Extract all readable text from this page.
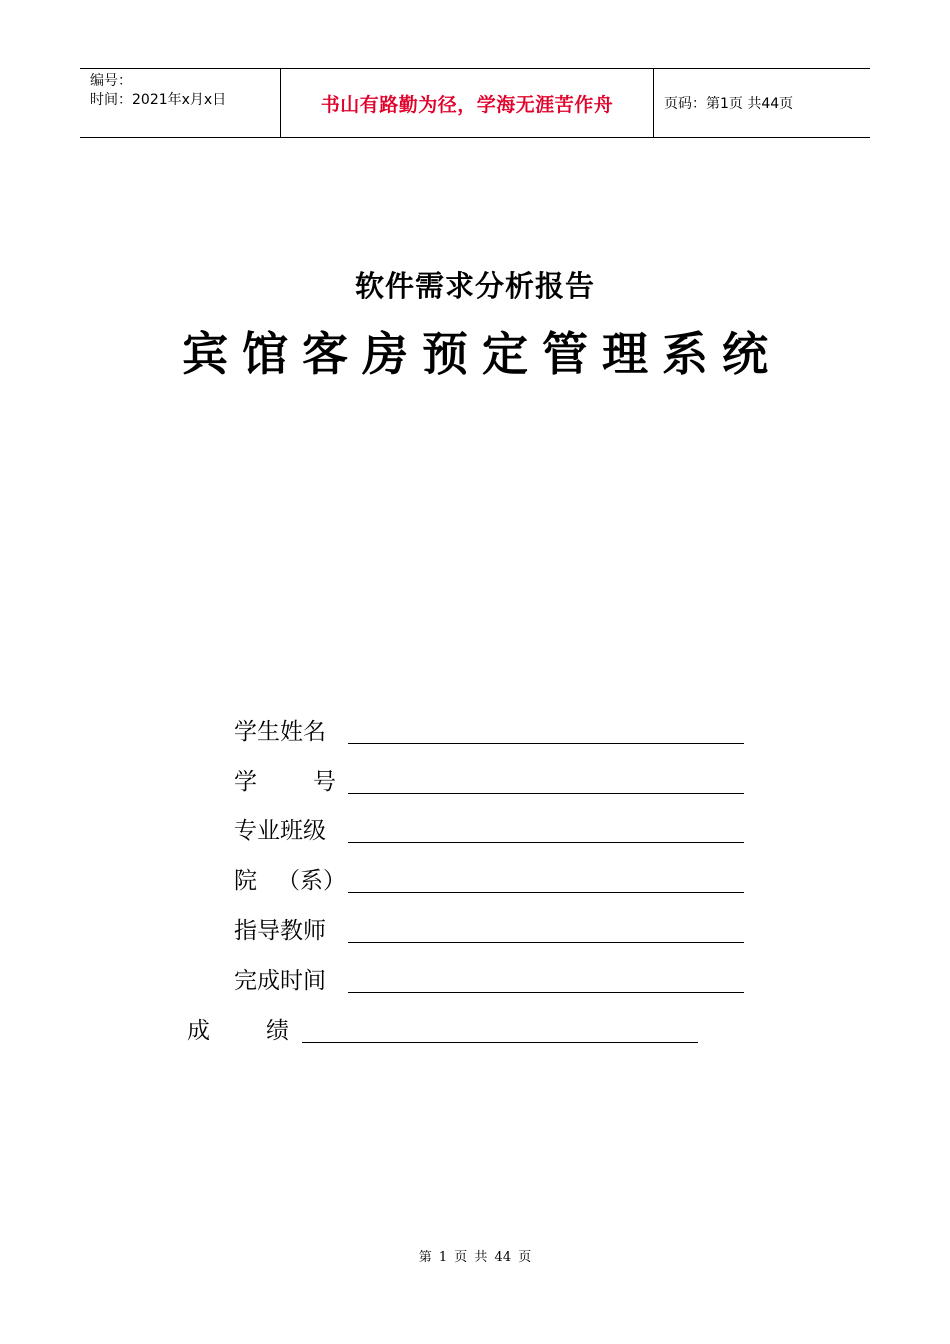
编号：
时间：2021年x月x日	书山有路勤为径，学海无涯苦作舟	页码：第1页 共44页
软件需求分析报告
宾馆客房预定管理系统
学生姓名
学 号
专业班级
院 （系）
指导教师
完成时间
成 绩
第 1 页 共 44 页
